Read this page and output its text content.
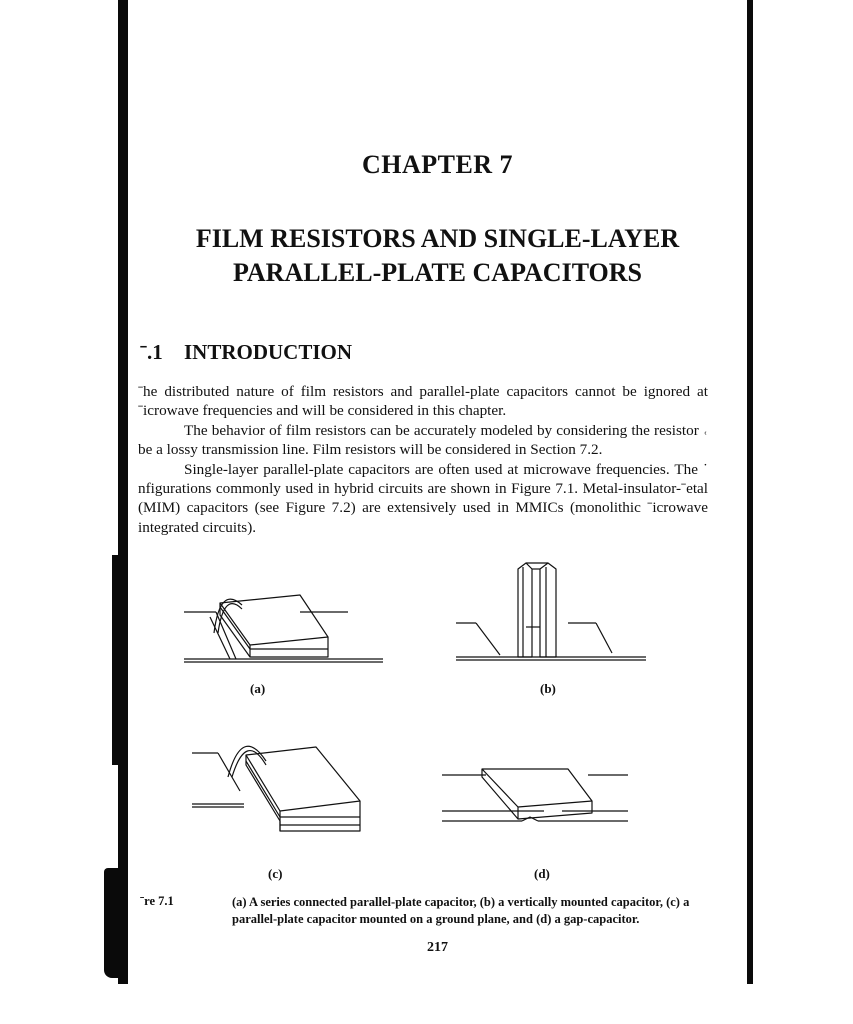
CHAPTER 7
FILM RESISTORS AND SINGLE-LAYER
PARALLEL-PLATE CAPACITORS
ˉ.1 INTRODUCTION

ˉhe distributed nature of film resistors and parallel-plate capacitors cannot be ignored at ˉicrowave frequencies and will be considered in this chapter.

The behavior of film resistors can be accurately modeled by considering the resistor ˓ be a lossy transmission line. Film resistors will be considered in Section 7.2.

Single-layer parallel-plate capacitors are often used at microwave frequencies. The ˙ nfigurations commonly used in hybrid circuits are shown in Figure 7.1. Metal-insulator-ˉetal (MIM) capacitors (see Figure 7.2) are extensively used in MMICs (monolithic ˉicrowave integrated circuits).

(a)	(b)
(c)	(d)
ˉre 7.1	(a) A series connected parallel-plate capacitor, (b) a vertically mounted capacitor, (c) a parallel-plate capacitor mounted on a ground plane, and (d) a gap-capacitor.
217
